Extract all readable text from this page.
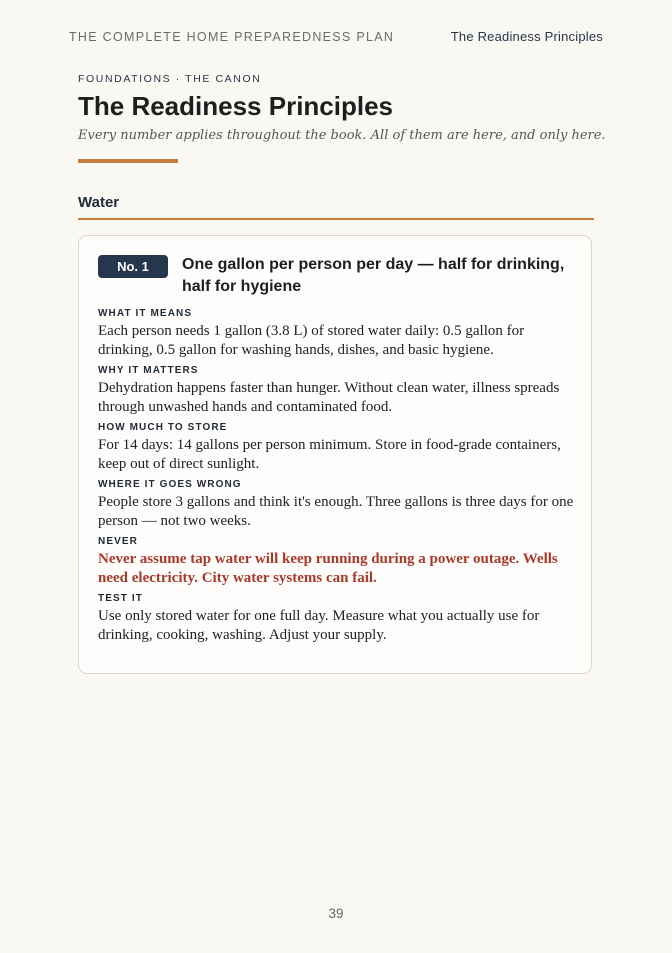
THE COMPLETE HOME PREPAREDNESS PLAN	The Readiness Principles
FOUNDATIONS · THE CANON
The Readiness Principles
Every number applies throughout the book. All of them are here, and only here.
Water
No. 1	One gallon per person per day — half for drinking, half for hygiene
WHAT IT MEANS
Each person needs 1 gallon (3.8 L) of stored water daily: 0.5 gallon for drinking, 0.5 gallon for washing hands, dishes, and basic hygiene.
WHY IT MATTERS
Dehydration happens faster than hunger. Without clean water, illness spreads through unwashed hands and contaminated food.
HOW MUCH TO STORE
For 14 days: 14 gallons per person minimum. Store in food-grade containers, keep out of direct sunlight.
WHERE IT GOES WRONG
People store 3 gallons and think it's enough. Three gallons is three days for one person — not two weeks.
NEVER
Never assume tap water will keep running during a power outage. Wells need electricity. City water systems can fail.
TEST IT
Use only stored water for one full day. Measure what you actually use for drinking, cooking, washing. Adjust your supply.
39
